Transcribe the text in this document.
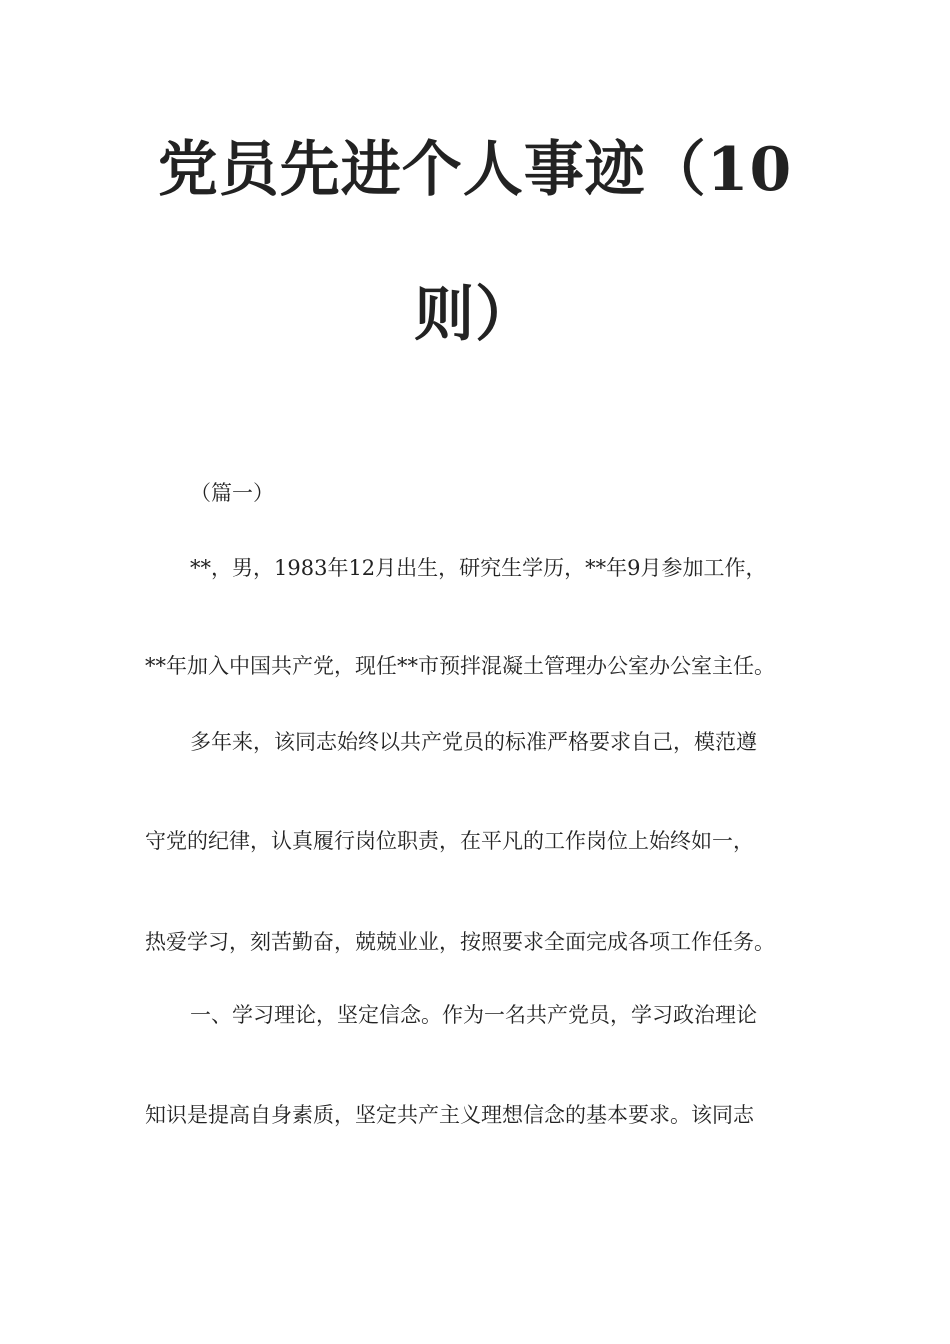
党员先进个人事迹（10
则）
（篇一）
**，男，1983年12月出生，研究生学历，**年9月参加工作，
**年加入中国共产党，现任**市预拌混凝土管理办公室办公室主任。
多年来，该同志始终以共产党员的标准严格要求自己，模范遵
守党的纪律，认真履行岗位职责，在平凡的工作岗位上始终如一，
热爱学习，刻苦勤奋，兢兢业业，按照要求全面完成各项工作任务。
一、学习理论，坚定信念。作为一名共产党员，学习政治理论
知识是提高自身素质，坚定共产主义理想信念的基本要求。该同志
